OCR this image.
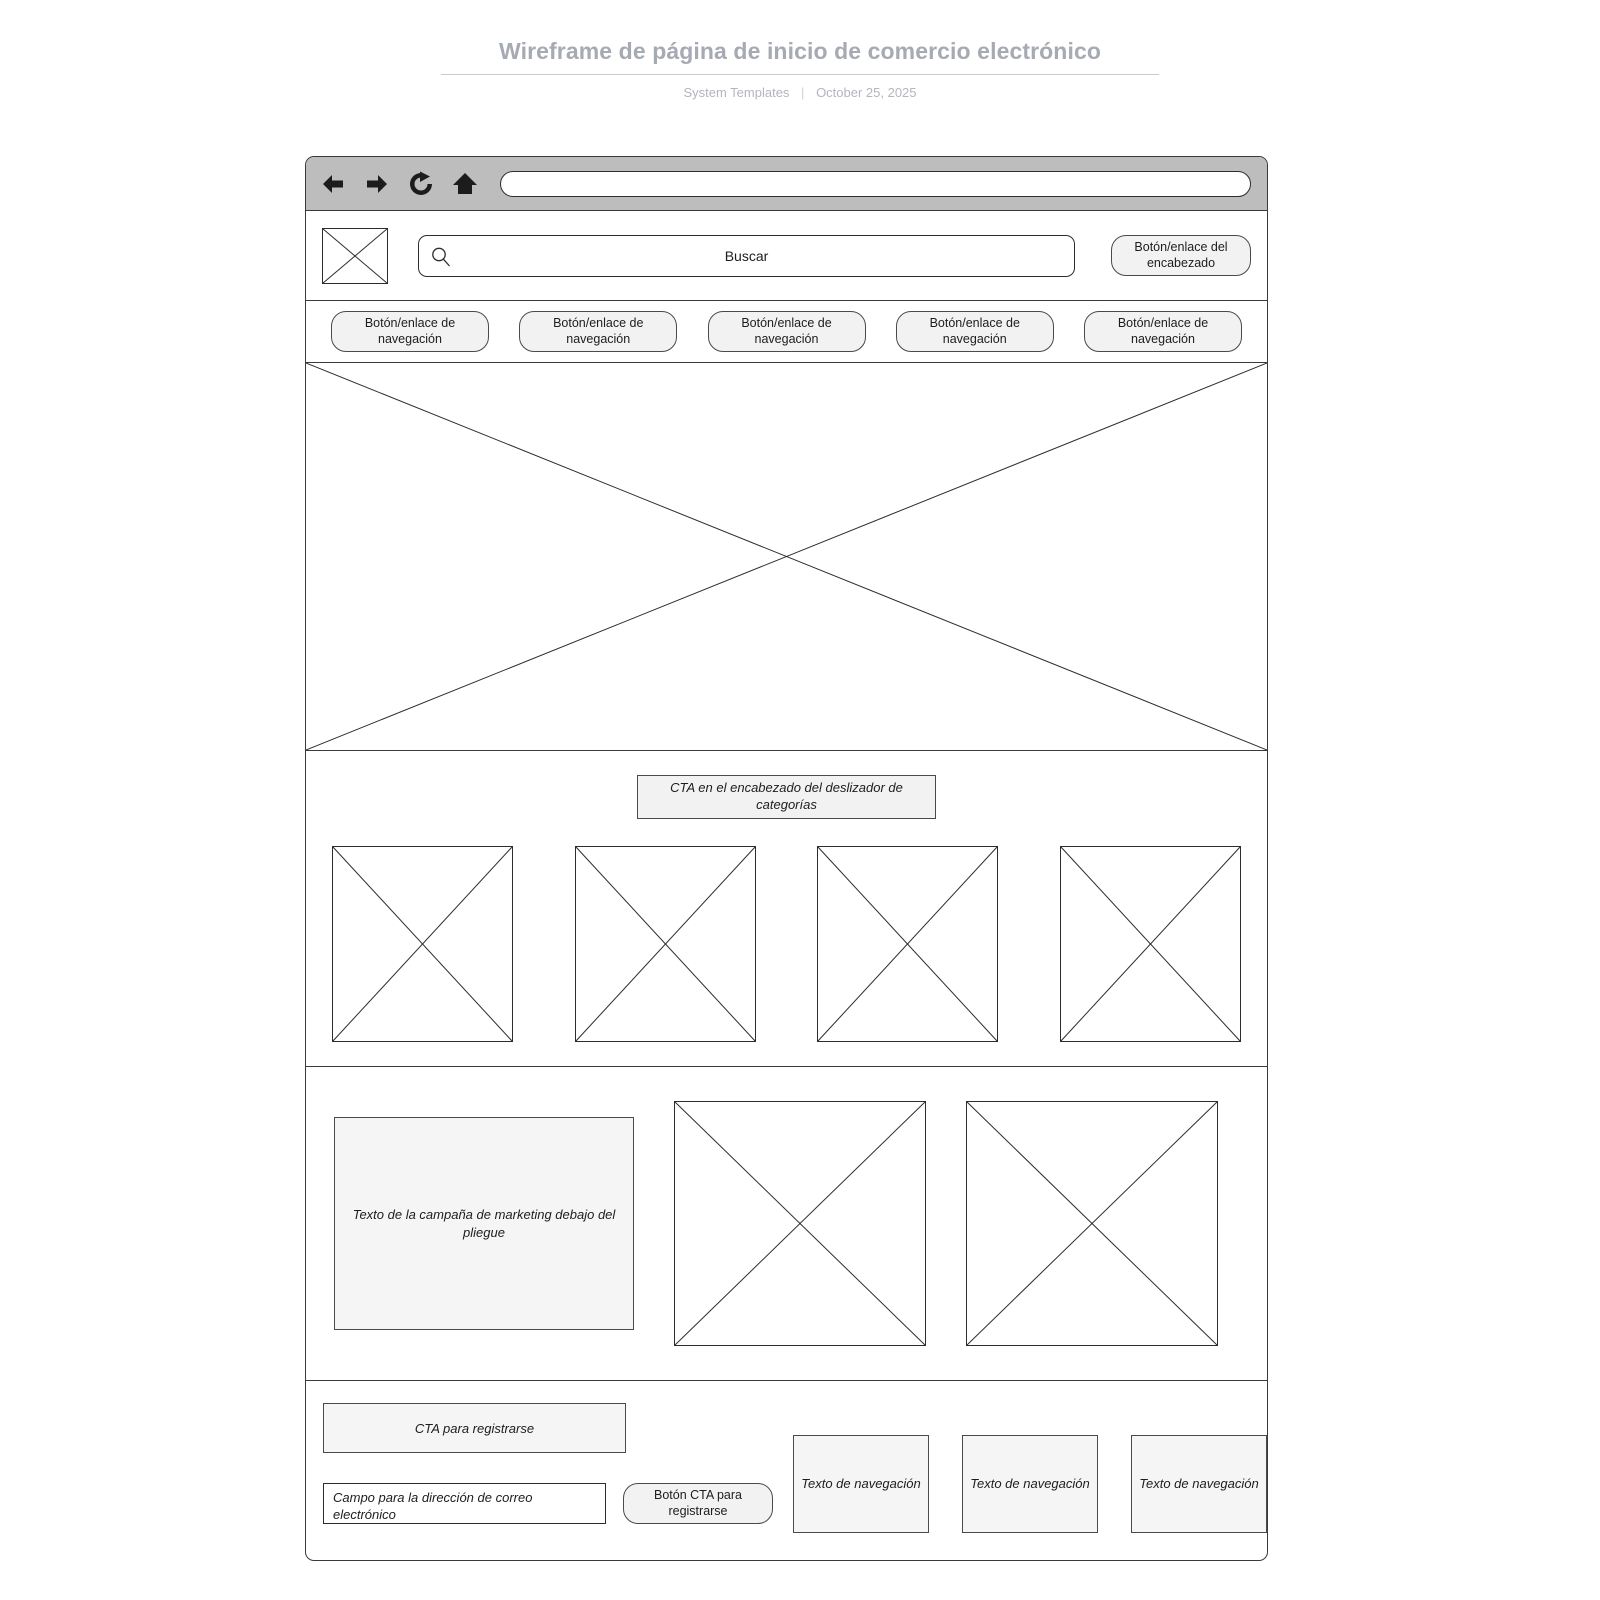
Wireframe de página de inicio de comercio electrónico
System Templates | October 25, 2025
Buscar
Botón/enlace del encabezado
Botón/enlace de navegación
Botón/enlace de navegación
Botón/enlace de navegación
Botón/enlace de navegación
Botón/enlace de navegación
CTA en el encabezado del deslizador de categorías
Texto de la campaña de marketing debajo del pliegue
CTA para registrarse
Campo para la dirección de correo electrónico
Botón CTA para registrarse
Texto de navegación	Texto de navegación	Texto de navegación
